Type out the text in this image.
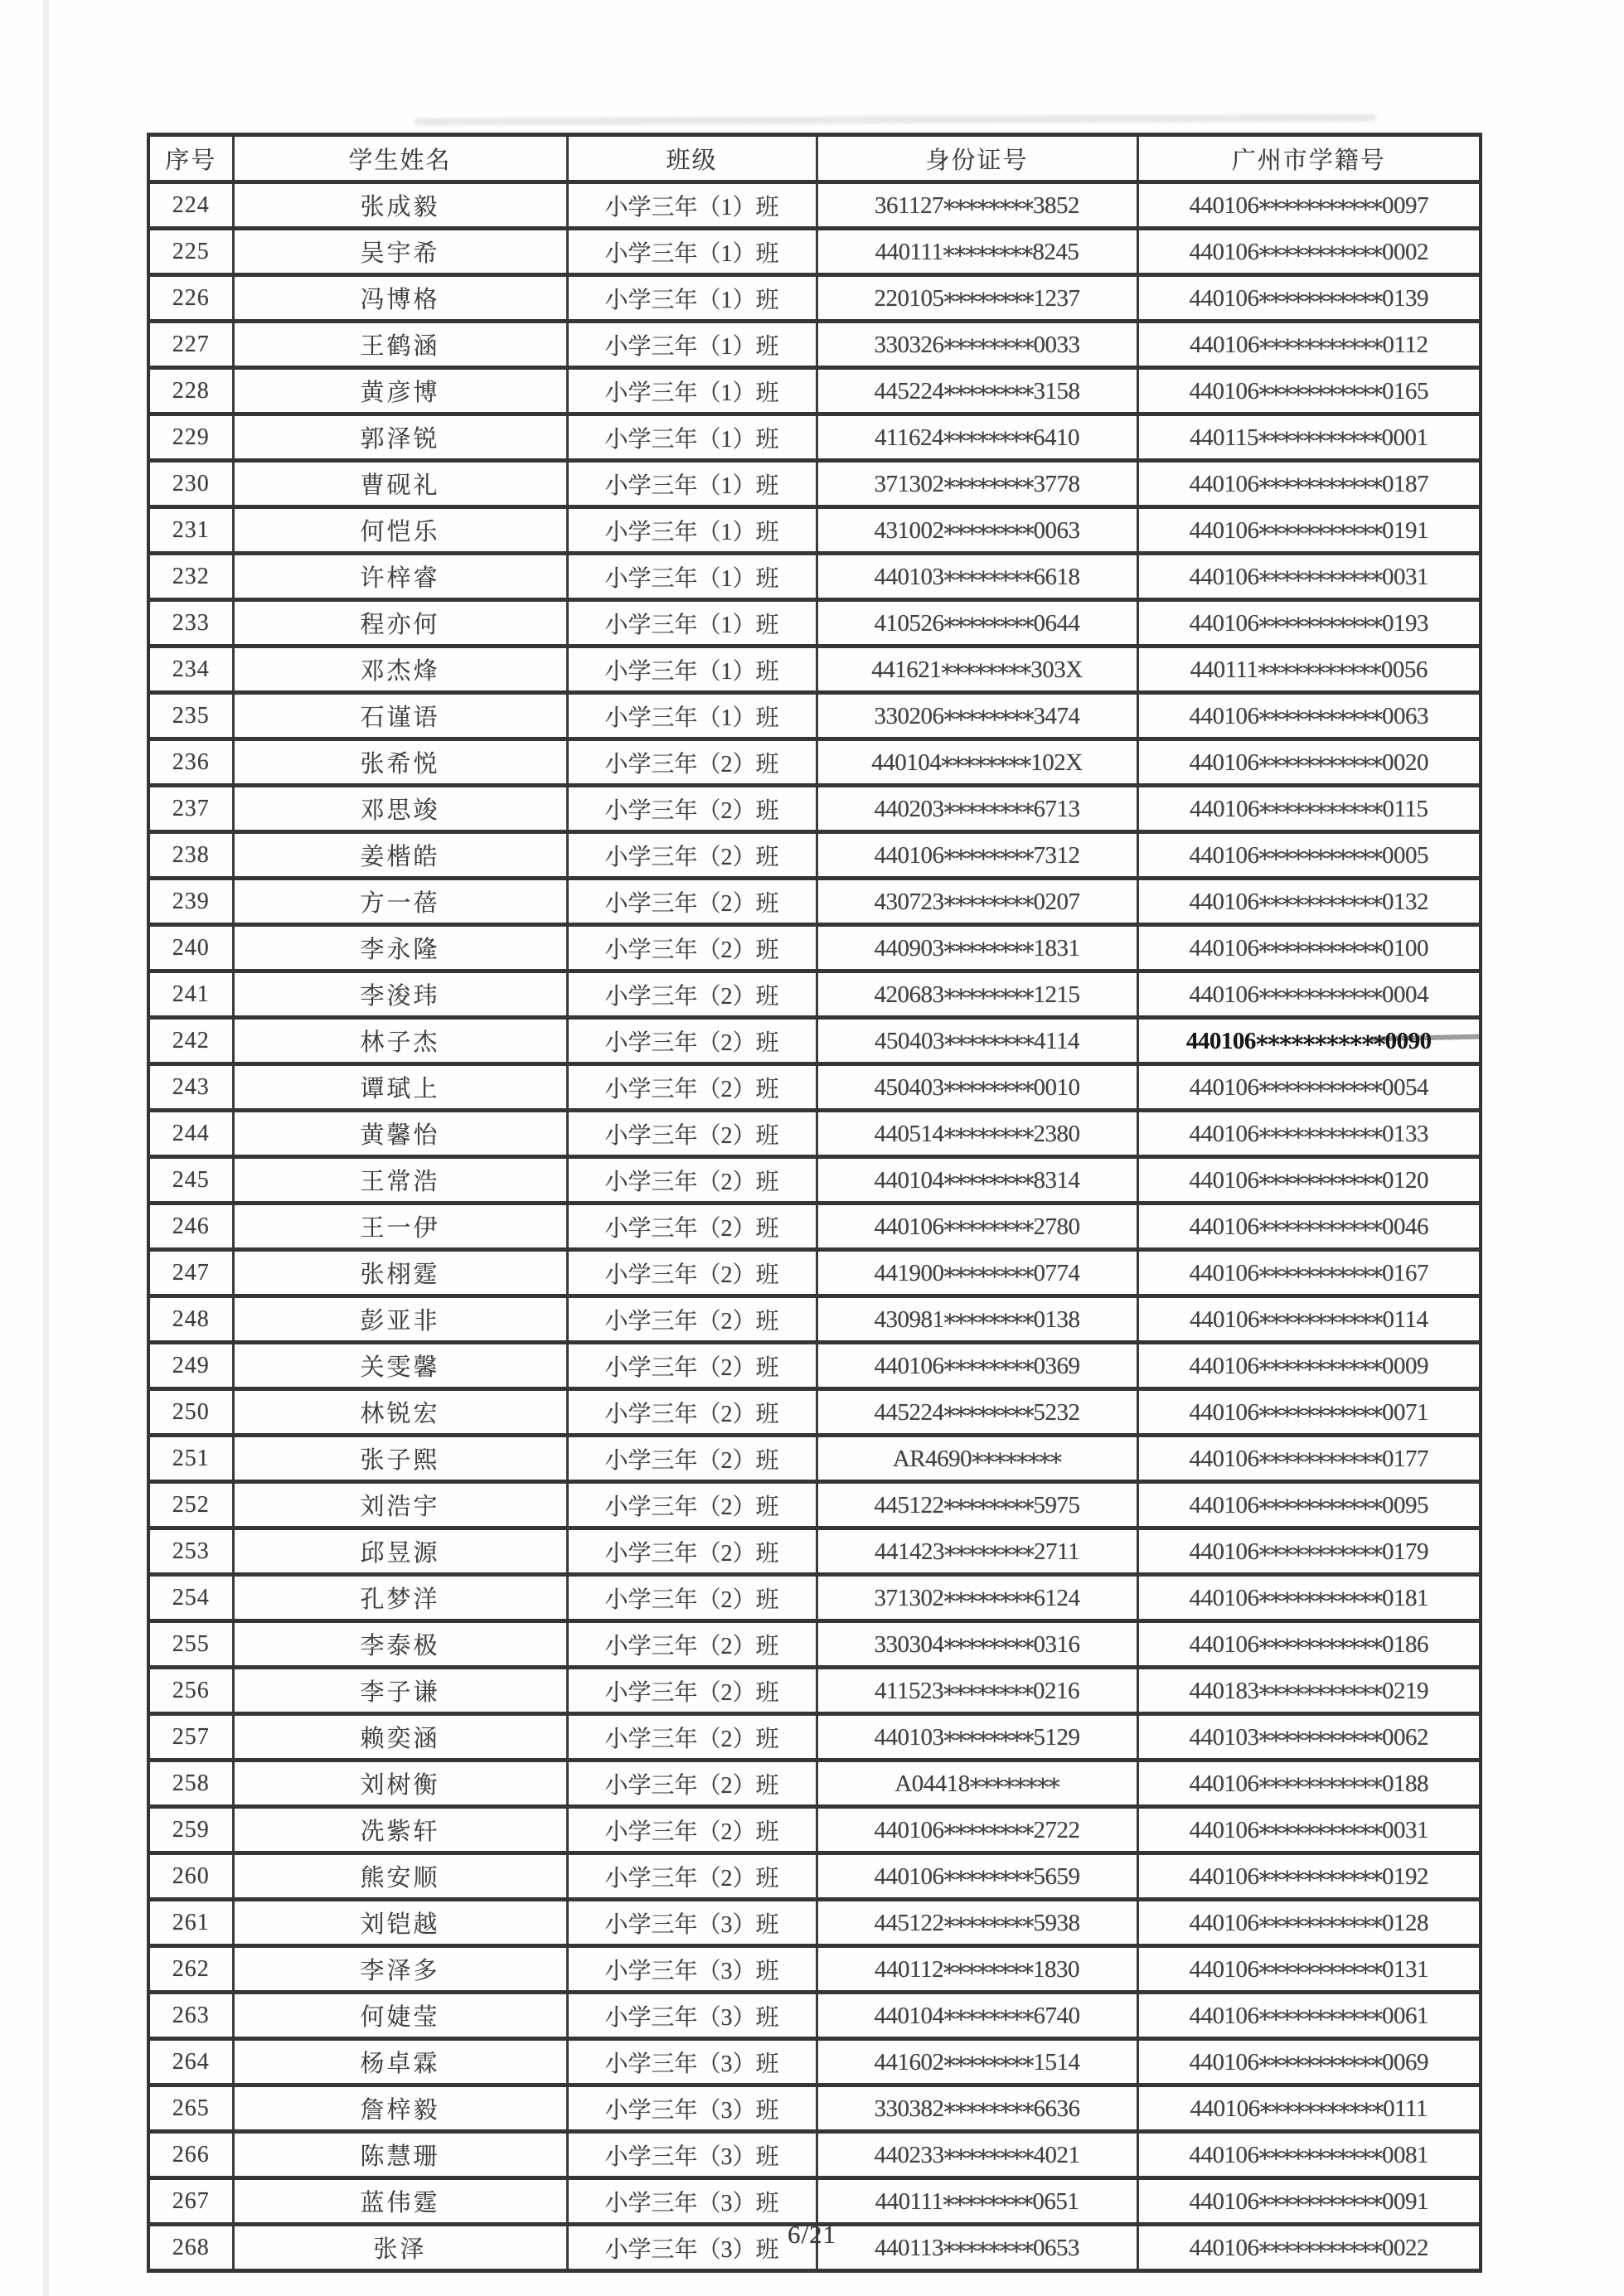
序号	学生姓名	班级	身份证号	广州市学籍号
224	张成毅	小学三年（1）班	361127********3852	440106***********0097
225	吴宇希	小学三年（1）班	440111********8245	440106***********0002
226	冯博格	小学三年（1）班	220105********1237	440106***********0139
227	王鹤涵	小学三年（1）班	330326********0033	440106***********0112
228	黄彦博	小学三年（1）班	445224********3158	440106***********0165
229	郭泽锐	小学三年（1）班	411624********6410	440115***********0001
230	曹砚礼	小学三年（1）班	371302********3778	440106***********0187
231	何恺乐	小学三年（1）班	431002********0063	440106***********0191
232	许梓睿	小学三年（1）班	440103********6618	440106***********0031
233	程亦何	小学三年（1）班	410526********0644	440106***********0193
234	邓杰烽	小学三年（1）班	441621********303X	440111***********0056
235	石谨语	小学三年（1）班	330206********3474	440106***********0063
236	张希悦	小学三年（2）班	440104********102X	440106***********0020
237	邓思竣	小学三年（2）班	440203********6713	440106***********0115
238	姜楷皓	小学三年（2）班	440106********7312	440106***********0005
239	方一蓓	小学三年（2）班	430723********0207	440106***********0132
240	李永隆	小学三年（2）班	440903********1831	440106***********0100
241	李浚玮	小学三年（2）班	420683********1215	440106***********0004
242	林子杰	小学三年（2）班	450403********4114	440106***********0090
243	谭珷上	小学三年（2）班	450403********0010	440106***********0054
244	黄馨怡	小学三年（2）班	440514********2380	440106***********0133
245	王常浩	小学三年（2）班	440104********8314	440106***********0120
246	王一伊	小学三年（2）班	440106********2780	440106***********0046
247	张栩霆	小学三年（2）班	441900********0774	440106***********0167
248	彭亚非	小学三年（2）班	430981********0138	440106***********0114
249	关雯馨	小学三年（2）班	440106********0369	440106***********0009
250	林锐宏	小学三年（2）班	445224********5232	440106***********0071
251	张子熙	小学三年（2）班	AR4690********	440106***********0177
252	刘浩宇	小学三年（2）班	445122********5975	440106***********0095
253	邱昱源	小学三年（2）班	441423********2711	440106***********0179
254	孔梦洋	小学三年（2）班	371302********6124	440106***********0181
255	李泰极	小学三年（2）班	330304********0316	440106***********0186
256	李子谦	小学三年（2）班	411523********0216	440183***********0219
257	赖奕涵	小学三年（2）班	440103********5129	440103***********0062
258	刘树衡	小学三年（2）班	A04418********	440106***********0188
259	冼紫轩	小学三年（2）班	440106********2722	440106***********0031
260	熊安顺	小学三年（2）班	440106********5659	440106***********0192
261	刘铠越	小学三年（3）班	445122********5938	440106***********0128
262	李泽多	小学三年（3）班	440112********1830	440106***********0131
263	何婕莹	小学三年（3）班	440104********6740	440106***********0061
264	杨卓霖	小学三年（3）班	441602********1514	440106***********0069
265	詹梓毅	小学三年（3）班	330382********6636	440106***********0111
266	陈慧珊	小学三年（3）班	440233********4021	440106***********0081
267	蓝伟霆	小学三年（3）班	440111********0651	440106***********0091
268	张泽	小学三年（3）班	440113********0653	440106***********0022
6/21
